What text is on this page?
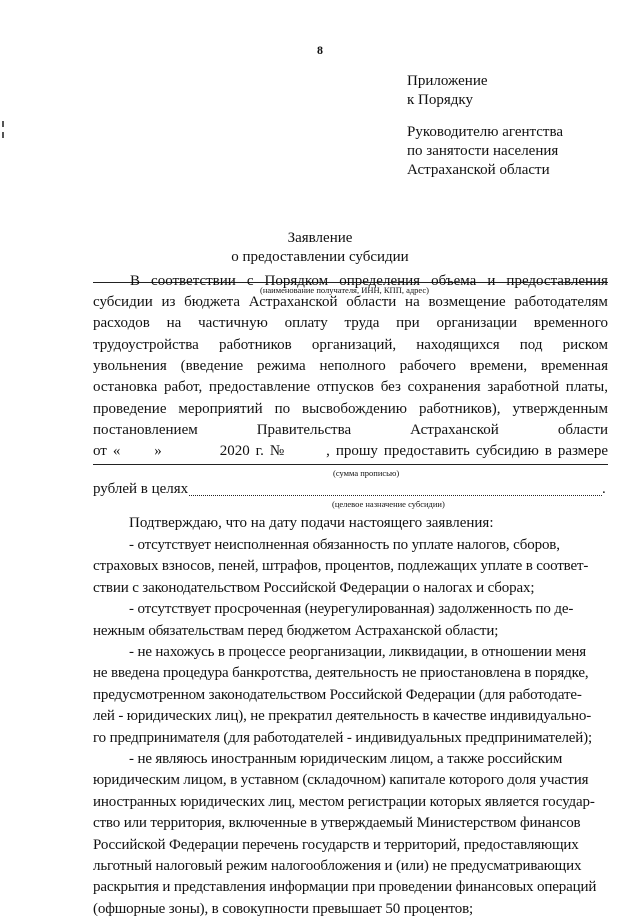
8
Приложение
к Порядку
Руководителю агентства
по занятости населения
Астраханской области
Заявление
о предоставлении субсидии
(наименование получателя, ИНН, КПП, адрес)
В соответствии с Порядком определения объема и предоставления
субсидии из бюджета Астраханской области на возмещение работодателям
расходов на частичную оплату труда при организации временного
трудоустройства работников организаций, находящихся под риском
увольнения (введение режима неполного рабочего времени, временная
остановка работ, предоставление отпусков без сохранения заработной платы,
проведение мероприятий по высвобождению работников), утвержденным
постановлением	Правительства	Астраханской	области
от « »	2020 г. №	, прошу предоставить субсидию в размере
(сумма прописью)
рублей в целях	.
(целевое назначение субсидии)
Подтверждаю, что на дату подачи настоящего заявления:
- отсутствует неисполненная обязанность по уплате налогов, сборов,
страховых взносов, пеней, штрафов, процентов, подлежащих уплате в соответ-
ствии с законодательством Российской Федерации о налогах и сборах;
- отсутствует просроченная (неурегулированная) задолженность по де-
нежным обязательствам перед бюджетом Астраханской области;
- не нахожусь в процессе реорганизации, ликвидации, в отношении меня
не введена процедура банкротства, деятельность не приостановлена в порядке,
предусмотренном законодательством Российской Федерации (для работодате-
лей - юридических лиц), не прекратил деятельность в качестве индивидуально-
го предпринимателя (для работодателей - индивидуальных предпринимателей);
- не являюсь иностранным юридическим лицом, а также российским
юридическим лицом, в уставном (складочном) капитале которого доля участия
иностранных юридических лиц, местом регистрации которых является государ-
ство или территория, включенные в утверждаемый Министерством финансов
Российской Федерации перечень государств и территорий, предоставляющих
льготный налоговый режим налогообложения и (или) не предусматривающих
раскрытия и представления информации при проведении финансовых операций
(офшорные зоны), в совокупности превышает 50 процентов;
